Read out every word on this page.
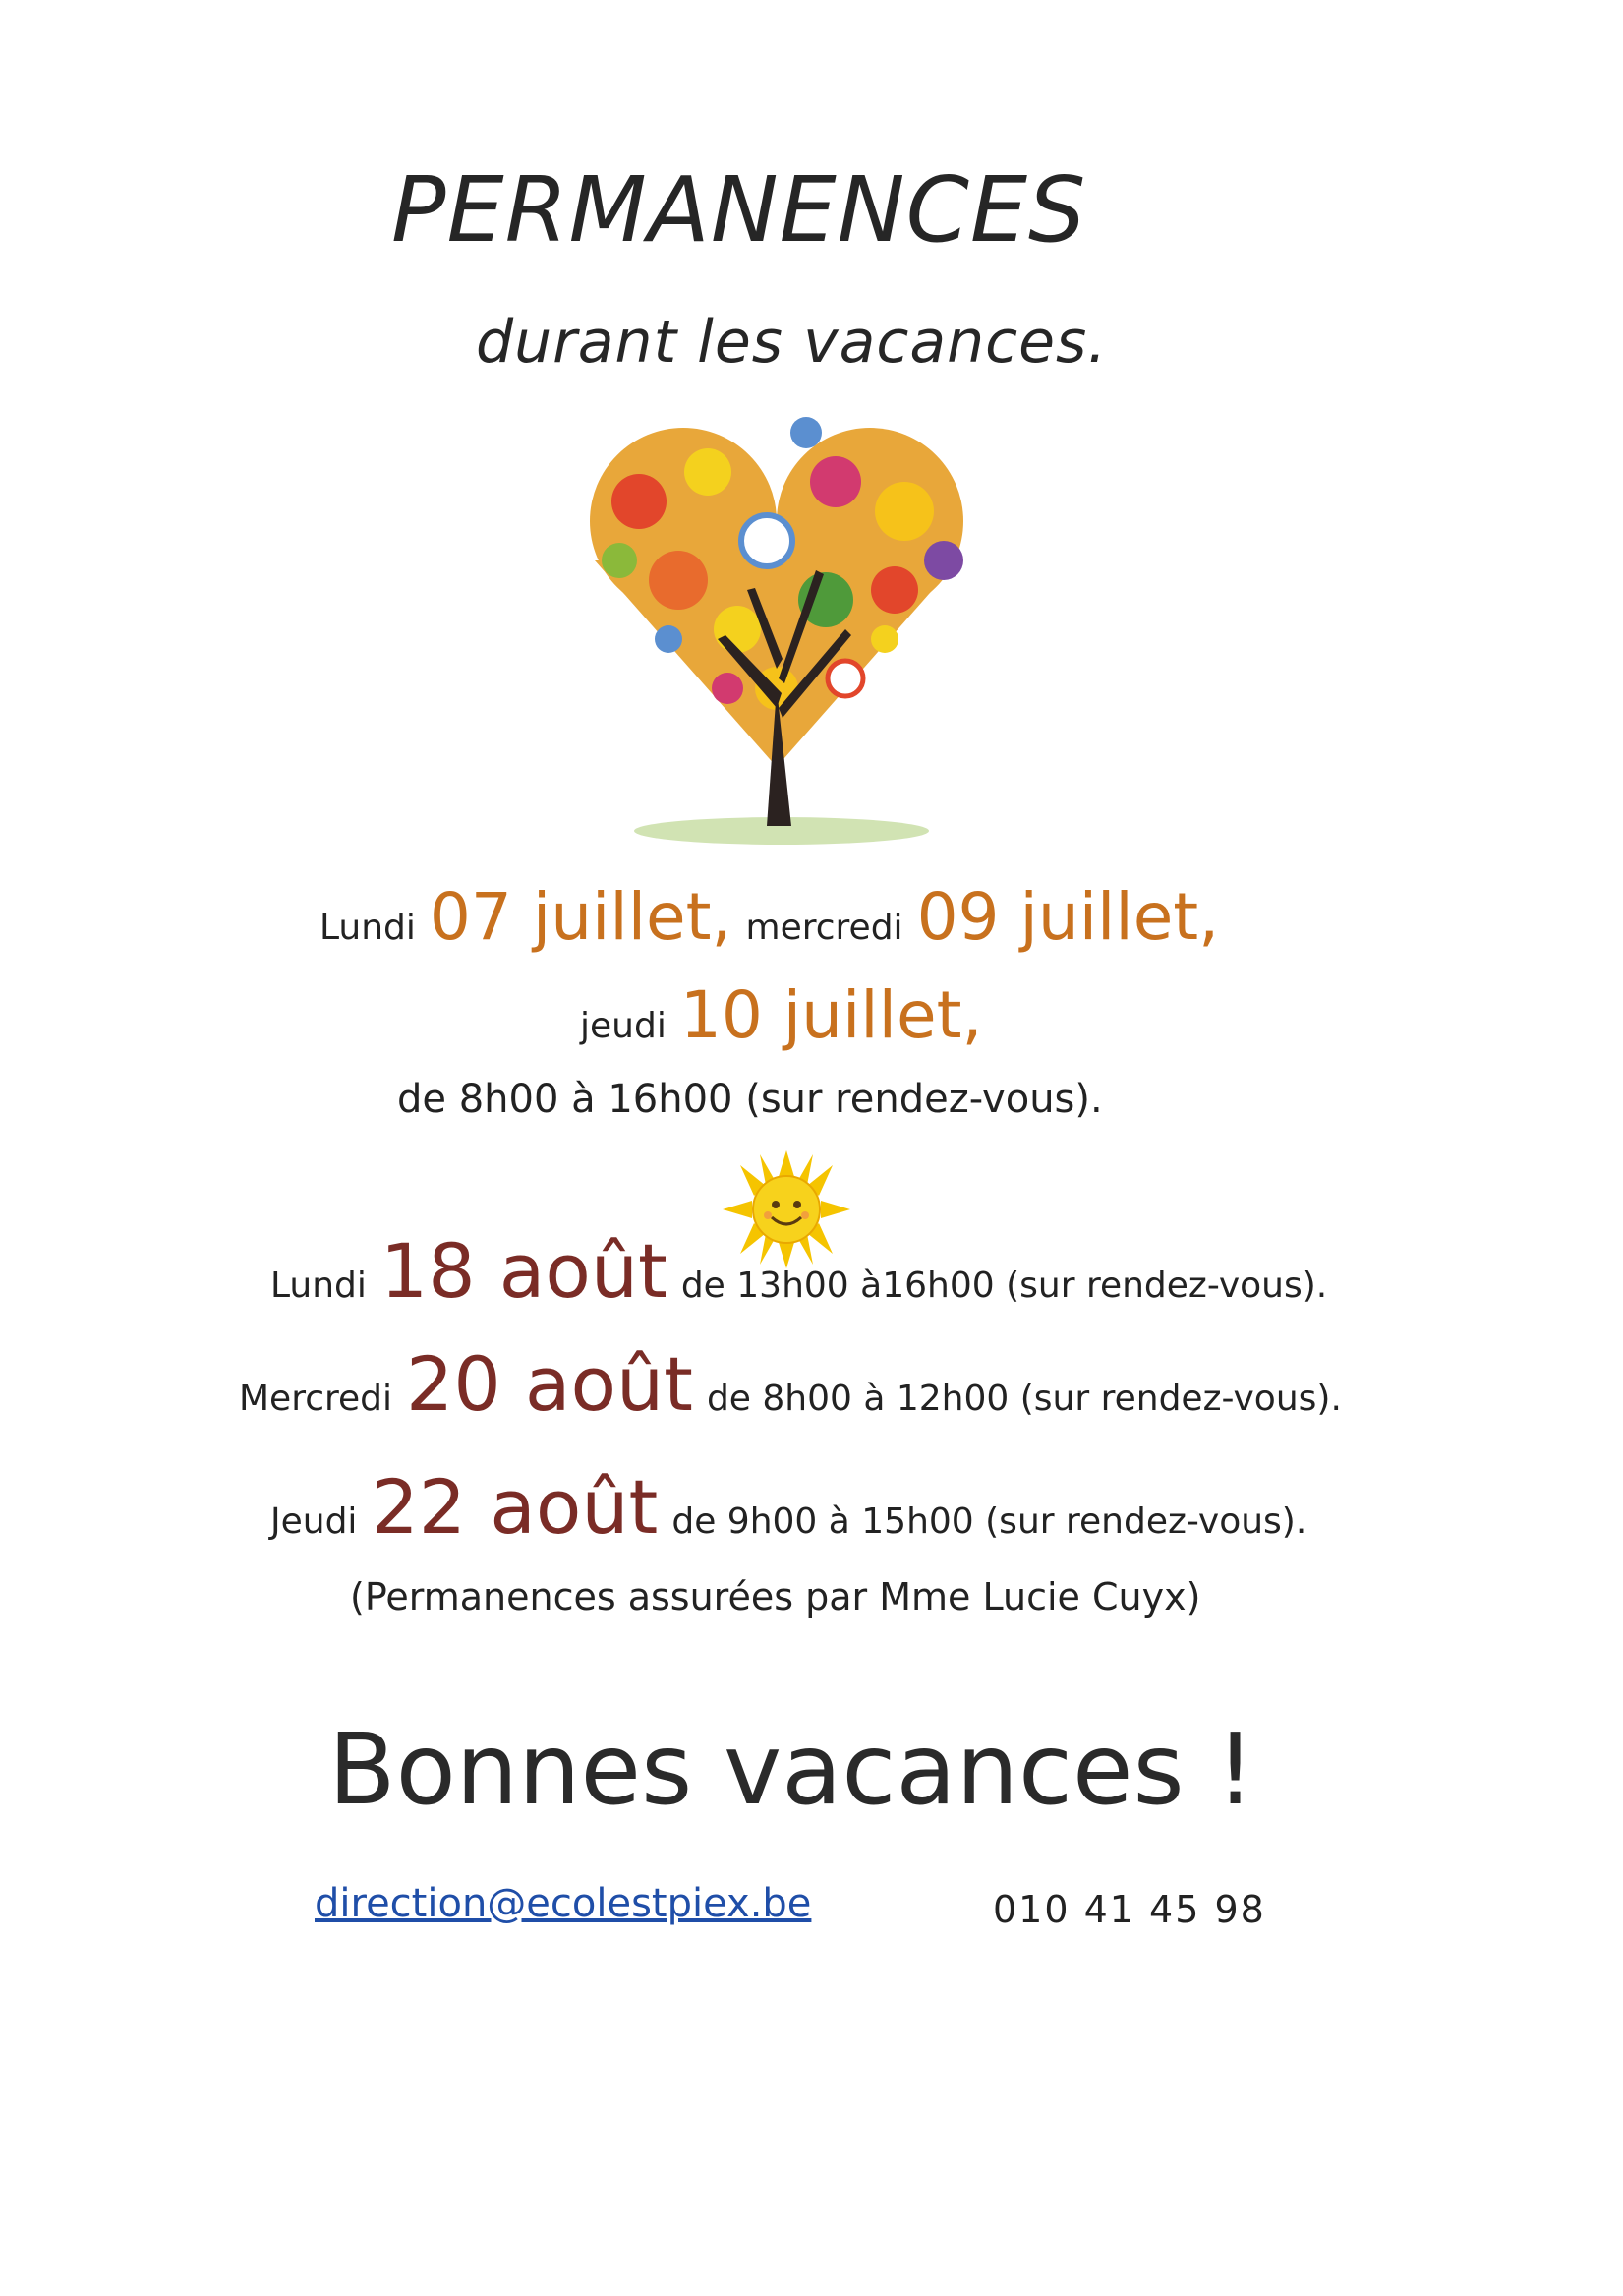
PERMANENCES
durant les vacances.
Lundi 07 juillet, mercredi 09 juillet,
jeudi 10 juillet,
de 8h00 à 16h00 (sur rendez-vous).
Lundi 18 août de 13h00 à16h00 (sur rendez-vous).
Mercredi 20 août de 8h00 à 12h00 (sur rendez-vous).
Jeudi 22 août de 9h00 à 15h00 (sur rendez-vous).
(Permanences assurées par Mme Lucie Cuyx)
Bonnes vacances !
direction@ecolestpiex.be	010 41 45 98
